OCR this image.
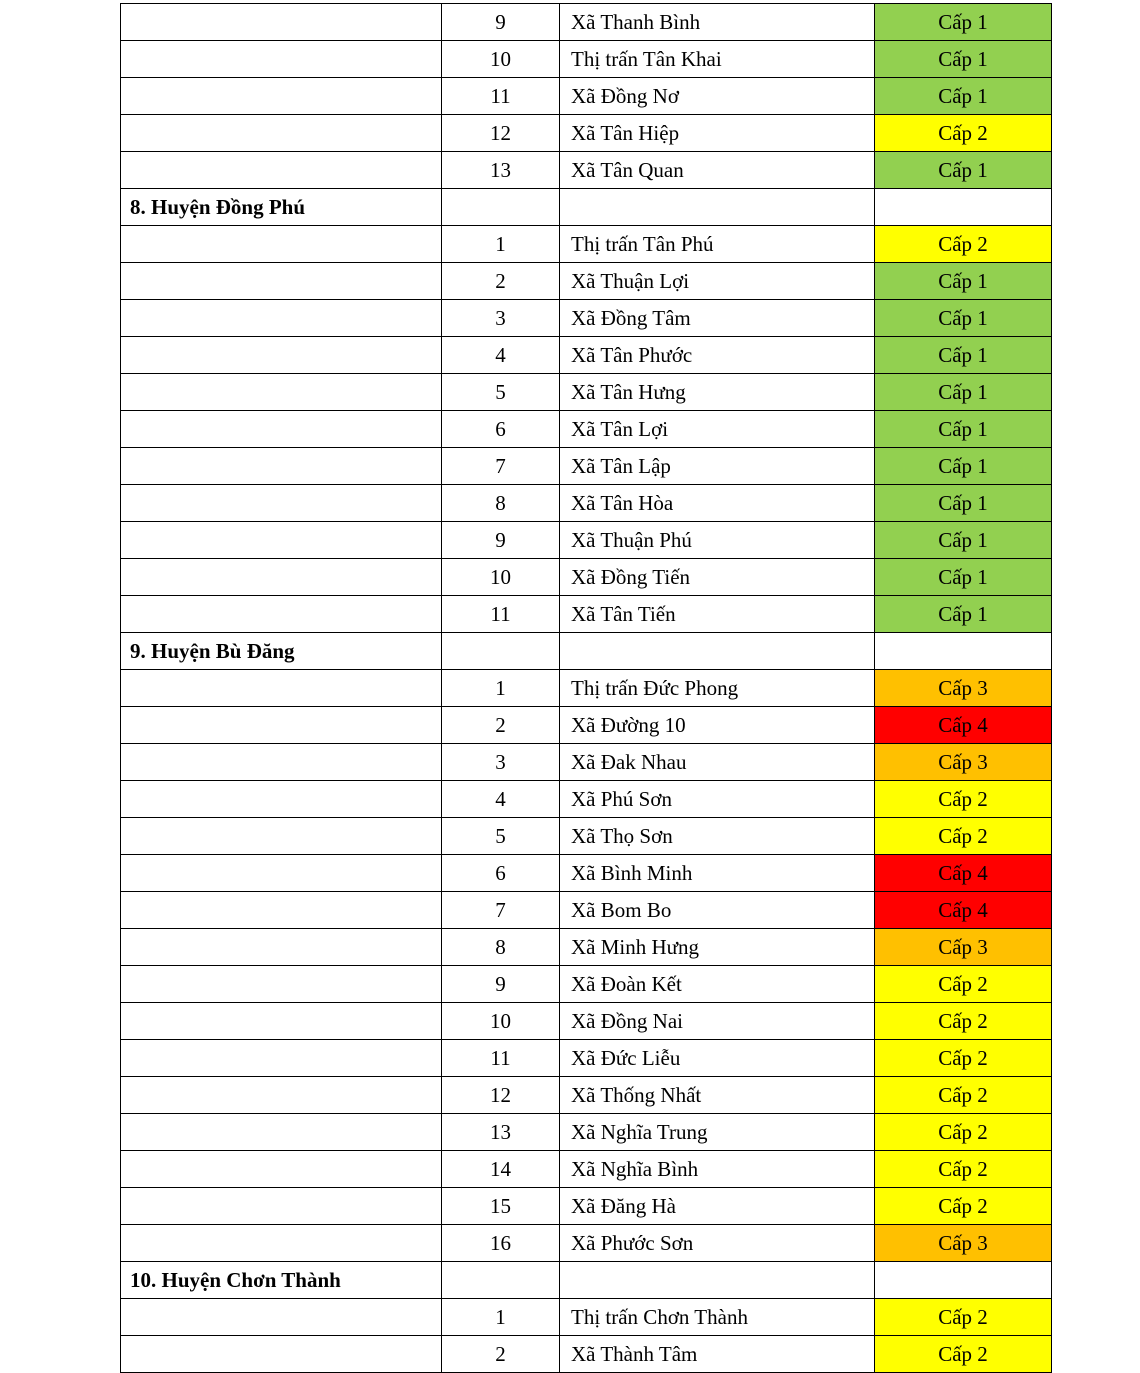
	9	Xã Thanh Bình	Cấp 1
	10	Thị trấn Tân Khai	Cấp 1
	11	Xã Đồng Nơ	Cấp 1
	12	Xã Tân Hiệp	Cấp 2
	13	Xã Tân Quan	Cấp 1
8. Huyện Đồng Phú			
	1	Thị trấn Tân Phú	Cấp 2
	2	Xã Thuận Lợi	Cấp 1
	3	Xã Đồng Tâm	Cấp 1
	4	Xã Tân Phước	Cấp 1
	5	Xã Tân Hưng	Cấp 1
	6	Xã Tân Lợi	Cấp 1
	7	Xã Tân Lập	Cấp 1
	8	Xã Tân Hòa	Cấp 1
	9	Xã Thuận Phú	Cấp 1
	10	Xã Đồng Tiến	Cấp 1
	11	Xã Tân Tiến	Cấp 1
9. Huyện Bù Đăng			
	1	Thị trấn Đức Phong	Cấp 3
	2	Xã Đường 10	Cấp 4
	3	Xã Đak Nhau	Cấp 3
	4	Xã Phú Sơn	Cấp 2
	5	Xã Thọ Sơn	Cấp 2
	6	Xã Bình Minh	Cấp 4
	7	Xã Bom Bo	Cấp 4
	8	Xã Minh Hưng	Cấp 3
	9	Xã Đoàn Kết	Cấp 2
	10	Xã Đồng Nai	Cấp 2
	11	Xã Đức Liễu	Cấp 2
	12	Xã Thống Nhất	Cấp 2
	13	Xã Nghĩa Trung	Cấp 2
	14	Xã Nghĩa Bình	Cấp 2
	15	Xã Đăng Hà	Cấp 2
	16	Xã Phước Sơn	Cấp 3
10. Huyện Chơn Thành			
	1	Thị trấn Chơn Thành	Cấp 2
	2	Xã Thành Tâm	Cấp 2
